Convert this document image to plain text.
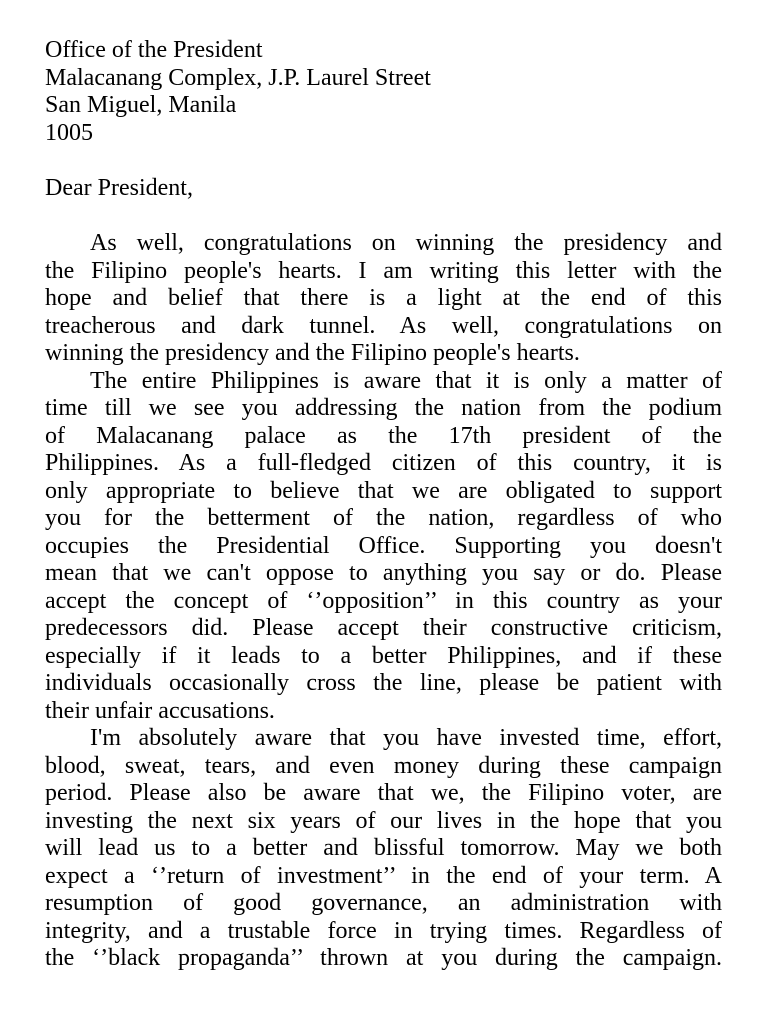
Office of the President
Malacanang Complex, J.P. Laurel Street
San Miguel, Manila
1005
Dear President,
As well, congratulations on winning the presidency and
the Filipino people's hearts. I am writing this letter with the
hope and belief that there is a light at the end of this
treacherous and dark tunnel. As well, congratulations on
winning the presidency and the Filipino people's hearts.
The entire Philippines is aware that it is only a matter of
time till we see you addressing the nation from the podium
of Malacanang palace as the 17th president of the
Philippines. As a full-fledged citizen of this country, it is
only appropriate to believe that we are obligated to support
you for the betterment of the nation, regardless of who
occupies the Presidential Office. Supporting you doesn't
mean that we can't oppose to anything you say or do. Please
accept the concept of ‘’opposition’’ in this country as your
predecessors did. Please accept their constructive criticism,
especially if it leads to a better Philippines, and if these
individuals occasionally cross the line, please be patient with
their unfair accusations.
I'm absolutely aware that you have invested time, effort,
blood, sweat, tears, and even money during these campaign
period. Please also be aware that we, the Filipino voter, are
investing the next six years of our lives in the hope that you
will lead us to a better and blissful tomorrow. May we both
expect a ‘’return of investment’’ in the end of your term. A
resumption of good governance, an administration with
integrity, and a trustable force in trying times. Regardless of
the ‘’black propaganda’’ thrown at you during the campaign.
